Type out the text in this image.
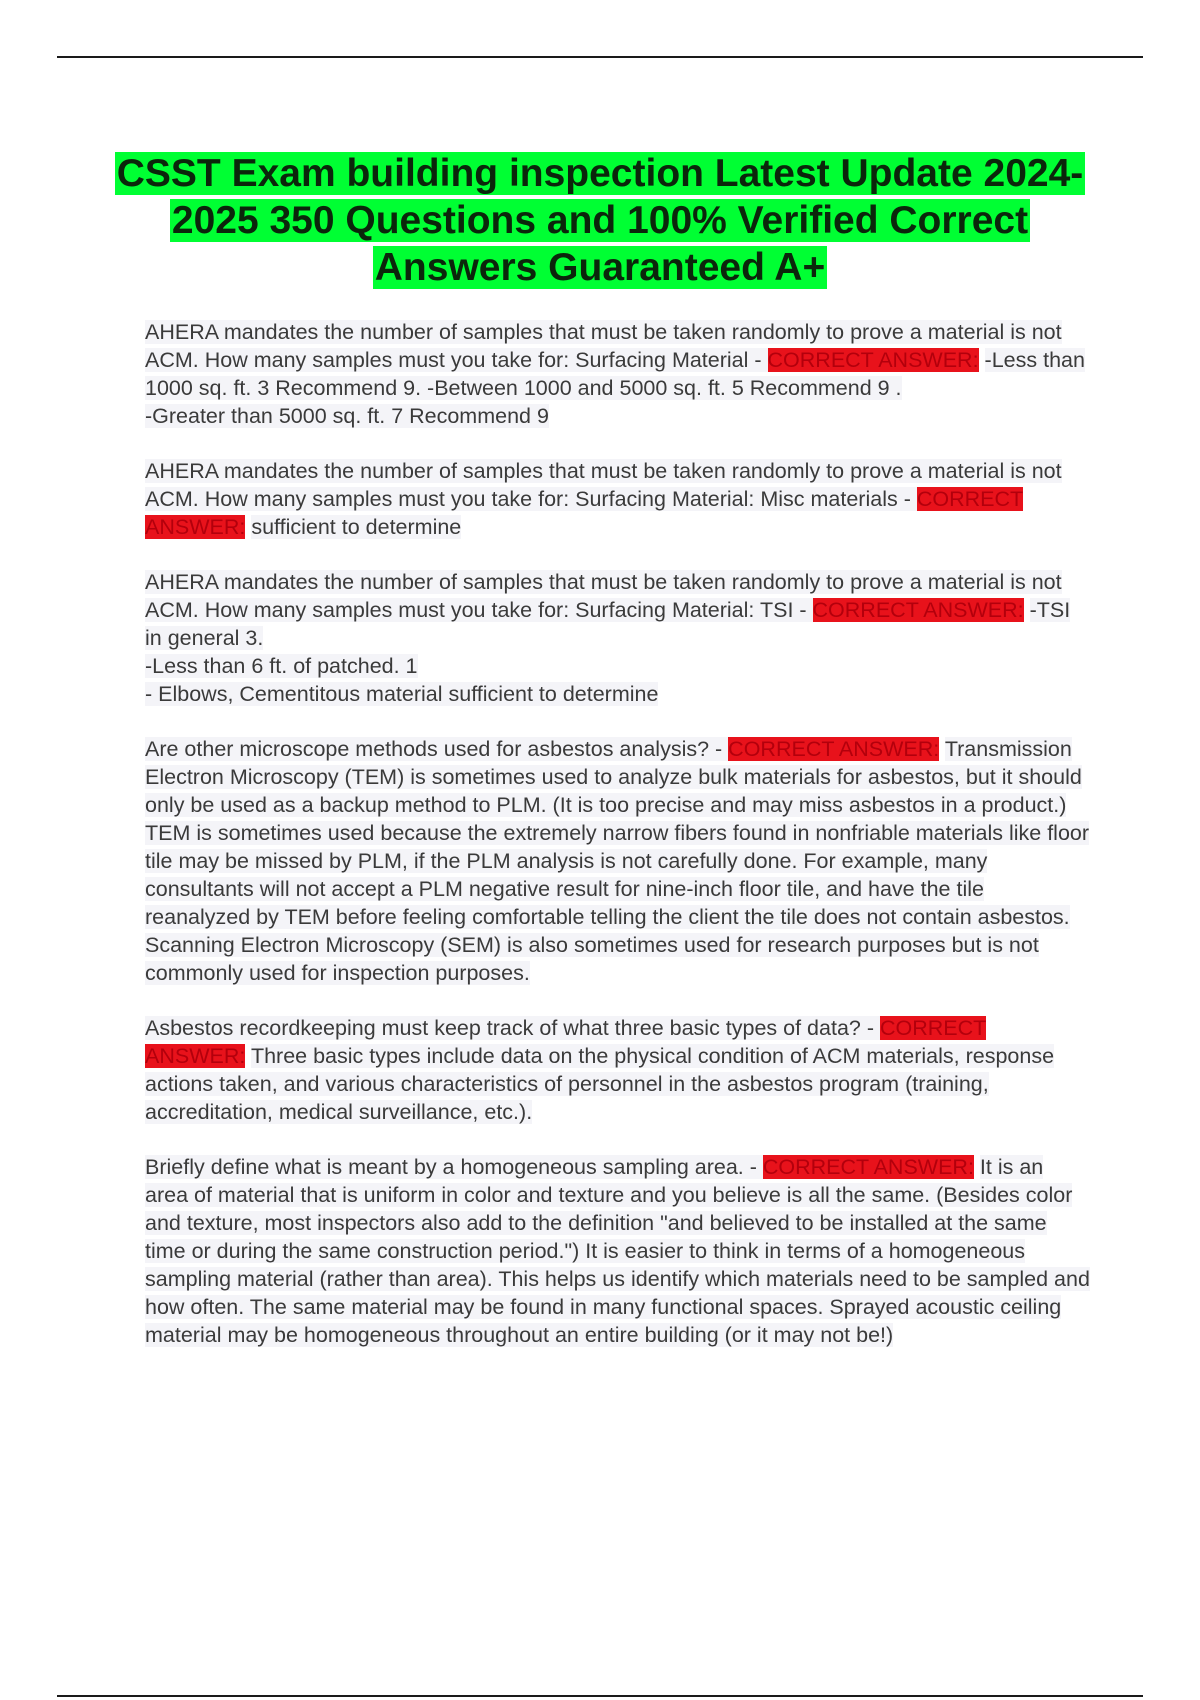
CSST Exam building inspection Latest Update 2024-2025 350 Questions and 100% Verified Correct Answers Guaranteed A+

AHERA mandates the number of samples that must be taken randomly to prove a material is not ACM. How many samples must you take for: Surfacing Material - CORRECT ANSWER: -Less than 1000 sq. ft. 3 Recommend 9. -Between 1000 and 5000 sq. ft. 5 Recommend 9 .
-Greater than 5000 sq. ft. 7 Recommend 9

AHERA mandates the number of samples that must be taken randomly to prove a material is not ACM. How many samples must you take for: Surfacing Material: Misc materials - CORRECT ANSWER: sufficient to determine

AHERA mandates the number of samples that must be taken randomly to prove a material is not ACM. How many samples must you take for: Surfacing Material: TSI - CORRECT ANSWER: -TSI in general 3.
-Less than 6 ft. of patched. 1
- Elbows, Cementitous material sufficient to determine

Are other microscope methods used for asbestos analysis? - CORRECT ANSWER: Transmission Electron Microscopy (TEM) is sometimes used to analyze bulk materials for asbestos, but it should only be used as a backup method to PLM. (It is too precise and may miss asbestos in a product.) TEM is sometimes used because the extremely narrow fibers found in nonfriable materials like floor tile may be missed by PLM, if the PLM analysis is not carefully done. For example, many consultants will not accept a PLM negative result for nine-inch floor tile, and have the tile reanalyzed by TEM before feeling comfortable telling the client the tile does not contain asbestos. Scanning Electron Microscopy (SEM) is also sometimes used for research purposes but is not commonly used for inspection purposes.

Asbestos recordkeeping must keep track of what three basic types of data? - CORRECT ANSWER: Three basic types include data on the physical condition of ACM materials, response actions taken, and various characteristics of personnel in the asbestos program (training, accreditation, medical surveillance, etc.).

Briefly define what is meant by a homogeneous sampling area. - CORRECT ANSWER: It is an area of material that is uniform in color and texture and you believe is all the same. (Besides color and texture, most inspectors also add to the definition "and believed to be installed at the same time or during the same construction period.") It is easier to think in terms of a homogeneous sampling material (rather than area). This helps us identify which materials need to be sampled and how often. The same material may be found in many functional spaces. Sprayed acoustic ceiling material may be homogeneous throughout an entire building (or it may not be!)
